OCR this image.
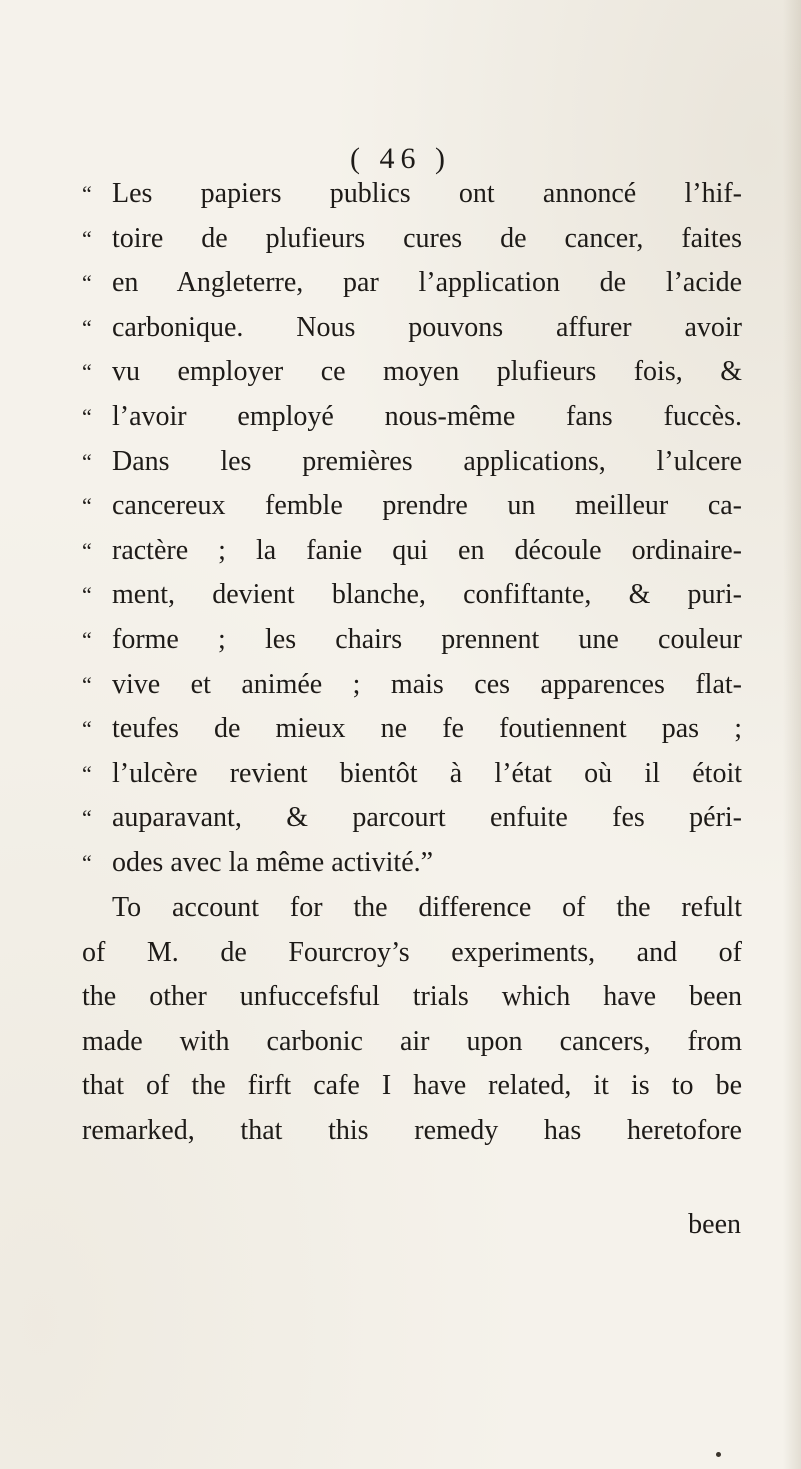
( 46 )
“ Les papiers publics ont annoncé l’hif-
“ toire de plufieurs cures de cancer, faites
“ en Angleterre, par l’application de l’acide
“ carbonique. Nous pouvons affurer avoir
“ vu employer ce moyen plufieurs fois, &
“ l’avoir employé nous-même fans fuccès.
“ Dans les premières applications, l’ulcere
“ cancereux femble prendre un meilleur ca-
“ ractère ; la fanie qui en découle ordinaire-
“ ment, devient blanche, confiftante, & puri-
“ forme ; les chairs prennent une couleur
“ vive et animée ; mais ces apparences flat-
“ teufes de mieux ne fe foutiennent pas ;
“ l’ulcère revient bientôt à l’état où il étoit
“ auparavant, & parcourt enfuite fes péri-
“ odes avec la même activité.”
To account for the difference of the refult
of M. de Fourcroy’s experiments, and of
the other unfuccefsful trials which have been
made with carbonic air upon cancers, from
that of the firft cafe I have related, it is to be
remarked, that this remedy has heretofore
been
